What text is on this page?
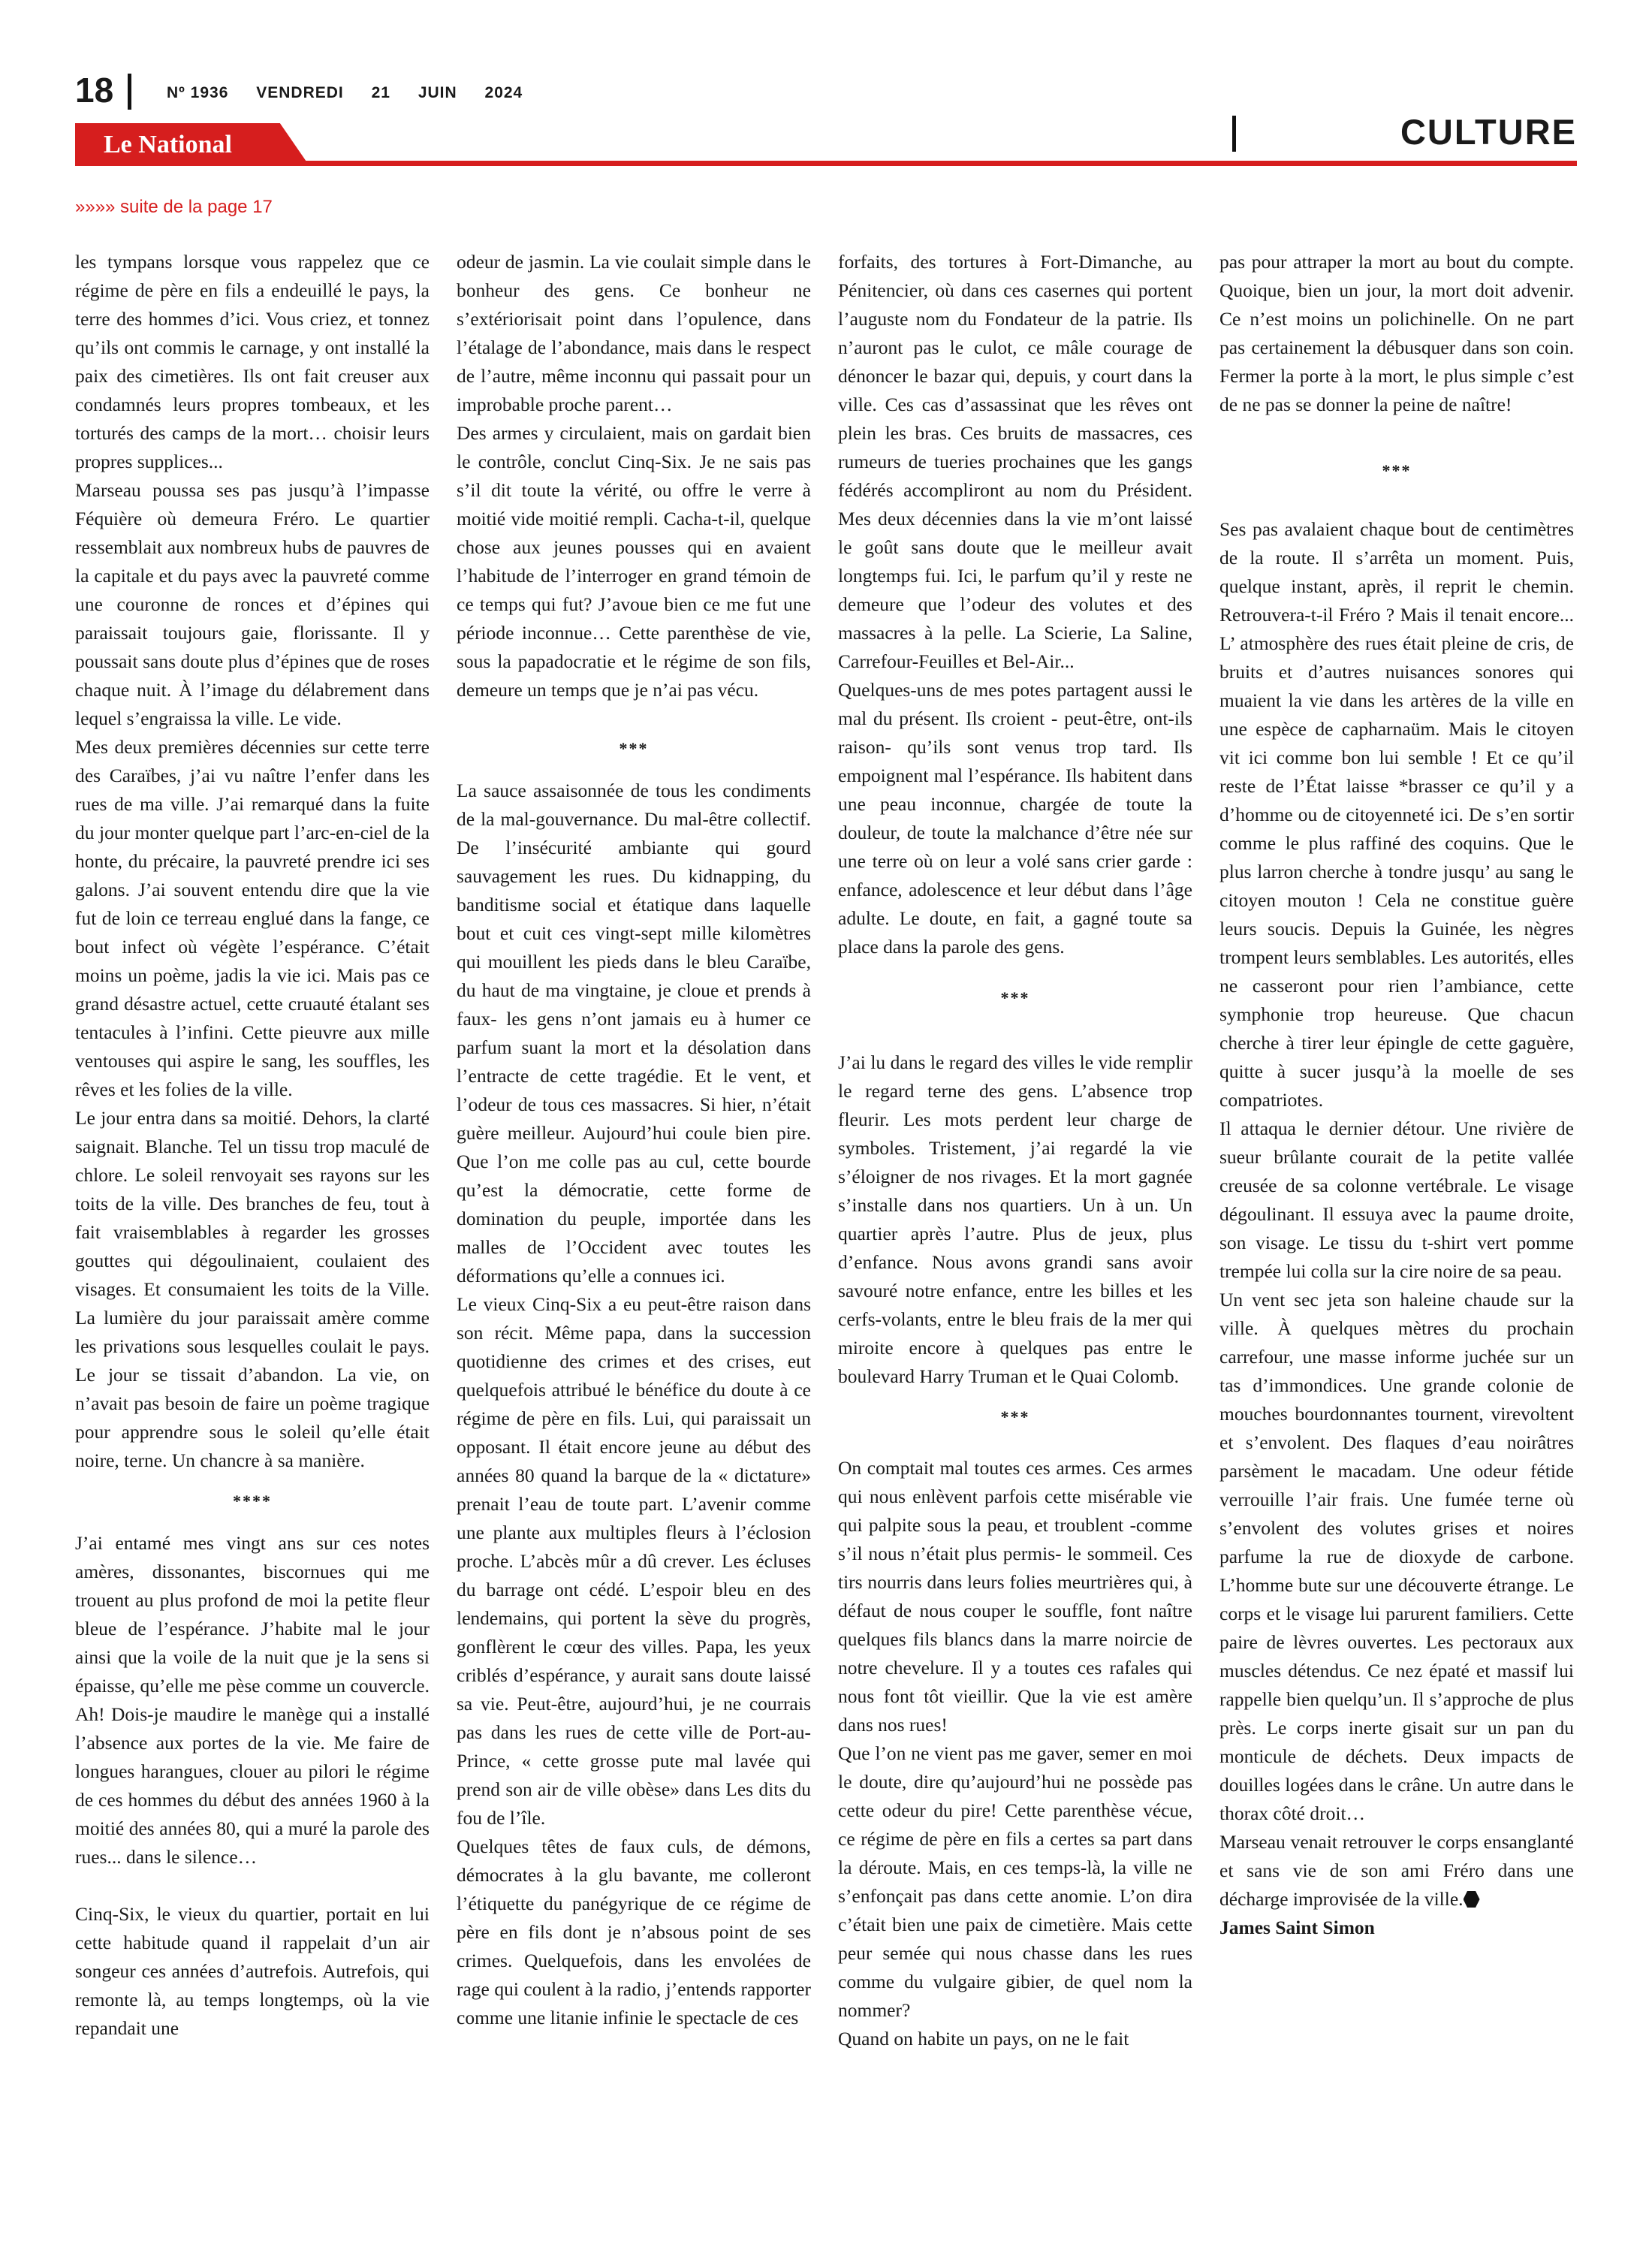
18	Nº 1936 VENDREDI 21 JUIN 2024
CULTURE
Le National
»»»» suite de la page 17

les tympans lorsque vous rappelez que ce régime de père en fils a endeuillé le pays, la terre des hommes d’ici. Vous criez, et tonnez qu’ils ont commis le carnage, y ont installé la paix des cimetières. Ils ont fait creuser aux condamnés leurs propres tombeaux, et les torturés des camps de la mort… choisir leurs propres supplices...

Marseau poussa ses pas jusqu’à l’impasse Féquière où demeura Fréro. Le quartier ressemblait aux nombreux hubs de pauvres de la capitale et du pays avec la pauvreté comme une couronne de ronces et d’épines qui paraissait toujours gaie, florissante. Il y poussait sans doute plus d’épines que de roses chaque nuit. À l’image du délabrement dans lequel s’engraissa la ville. Le vide.

Mes deux premières décennies sur cette terre des Caraïbes, j’ai vu naître l’enfer dans les rues de ma ville. J’ai remarqué dans la fuite du jour monter quelque part l’arc-en-ciel de la honte, du précaire, la pauvreté prendre ici ses galons. J’ai souvent entendu dire que la vie fut de loin ce terreau englué dans la fange, ce bout infect où végète l’espérance. C’était moins un poème, jadis la vie ici. Mais pas ce grand désastre actuel, cette cruauté étalant ses tentacules à l’infini. Cette pieuvre aux mille ventouses qui aspire le sang, les souffles, les rêves et les folies de la ville.

Le jour entra dans sa moitié. Dehors, la clarté saignait. Blanche. Tel un tissu trop maculé de chlore. Le soleil renvoyait ses rayons sur les toits de la ville. Des branches de feu, tout à fait vraisemblables à regarder les grosses gouttes qui dégoulinaient, coulaient des visages. Et consumaient les toits de la Ville. La lumière du jour paraissait amère comme les privations sous lesquelles coulait le pays. Le jour se tissait d’abandon. La vie, on n’avait pas besoin de faire un poème tragique pour apprendre sous le soleil qu’elle était noire, terne. Un chancre à sa manière.

****

J’ai entamé mes vingt ans sur ces notes amères, dissonantes, biscornues qui me trouent au plus profond de moi la petite fleur bleue de l’espérance. J’habite mal le jour ainsi que la voile de la nuit que je la sens si épaisse, qu’elle me pèse comme un couvercle. Ah! Dois-je maudire le manège qui a installé l’absence aux portes de la vie. Me faire de longues harangues, clouer au pilori le régime de ces hommes du début des années 1960 à la moitié des années 80, qui a muré la parole des rues... dans le silence…

Cinq-Six, le vieux du quartier, portait en lui cette habitude quand il rappelait d’un air songeur ces années d’autrefois. Autrefois, qui remonte là, au temps longtemps, où la vie repandait une

odeur de jasmin. La vie coulait simple dans le bonheur des gens. Ce bonheur ne s’extériorisait point dans l’opulence, dans l’étalage de l’abondance, mais dans le respect de l’autre, même inconnu qui passait pour un improbable proche parent…

Des armes y circulaient, mais on gardait bien le contrôle, conclut Cinq-Six. Je ne sais pas s’il dit toute la vérité, ou offre le verre à moitié vide moitié rempli. Cacha-t-il, quelque chose aux jeunes pousses qui en avaient l’habitude de l’interroger en grand témoin de ce temps qui fut? J’avoue bien ce me fut une période inconnue… Cette parenthèse de vie, sous la papadocratie et le régime de son fils, demeure un temps que je n’ai pas vécu.

***

La sauce assaisonnée de tous les condiments de la mal-gouvernance. Du mal-être collectif. De l’insécurité ambiante qui gourd sauvagement les rues. Du kidnapping, du banditisme social et étatique dans laquelle bout et cuit ces vingt-sept mille kilomètres qui mouillent les pieds dans le bleu Caraïbe, du haut de ma vingtaine, je cloue et prends à faux- les gens n’ont jamais eu à humer ce parfum suant la mort et la désolation dans l’entracte de cette tragédie. Et le vent, et l’odeur de tous ces massacres. Si hier, n’était guère meilleur. Aujourd’hui coule bien pire. Que l’on me colle pas au cul, cette bourde qu’est la démocratie, cette forme de domination du peuple, importée dans les malles de l’Occident avec toutes les déformations qu’elle a connues ici.

Le vieux Cinq-Six a eu peut-être raison dans son récit. Même papa, dans la succession quotidienne des crimes et des crises, eut quelquefois attribué le bénéfice du doute à ce régime de père en fils. Lui, qui paraissait un opposant. Il était encore jeune au début des années 80 quand la barque de la « dictature» prenait l’eau de toute part. L’avenir comme une plante aux multiples fleurs à l’éclosion proche. L’abcès mûr a dû crever. Les écluses du barrage ont cédé. L’espoir bleu en des lendemains, qui portent la sève du progrès, gonflèrent le cœur des villes. Papa, les yeux criblés d’espérance, y aurait sans doute laissé sa vie. Peut-être, aujourd’hui, je ne courrais pas dans les rues de cette ville de Port-au-Prince, « cette grosse pute mal lavée qui prend son air de ville obèse» dans Les dits du fou de l’île.

Quelques têtes de faux culs, de démons, démocrates à la glu bavante, me colleront l’étiquette du panégyrique de ce régime de père en fils dont je n’absous point de ses crimes. Quelquefois, dans les envolées de rage qui coulent à la radio, j’entends rapporter comme une litanie infinie le spectacle de ces

forfaits, des tortures à Fort-Dimanche, au Pénitencier, où dans ces casernes qui portent l’auguste nom du Fondateur de la patrie. Ils n’auront pas le culot, ce mâle courage de dénoncer le bazar qui, depuis, y court dans la ville. Ces cas d’assassinat que les rêves ont plein les bras. Ces bruits de massacres, ces rumeurs de tueries prochaines que les gangs fédérés accompliront au nom du Président. Mes deux décennies dans la vie m’ont laissé le goût sans doute que le meilleur avait longtemps fui. Ici, le parfum qu’il y reste ne demeure que l’odeur des volutes et des massacres à la pelle. La Scierie, La Saline, Carrefour-Feuilles et Bel-Air...

Quelques-uns de mes potes partagent aussi le mal du présent. Ils croient - peut-être, ont-ils raison- qu’ils sont venus trop tard. Ils empoignent mal l’espérance. Ils habitent dans une peau inconnue, chargée de toute la douleur, de toute la malchance d’être née sur une terre où on leur a volé sans crier garde : enfance, adolescence et leur début dans l’âge adulte. Le doute, en fait, a gagné toute sa place dans la parole des gens.

***

J’ai lu dans le regard des villes le vide remplir le regard terne des gens. L’absence trop fleurir. Les mots perdent leur charge de symboles. Tristement, j’ai regardé la vie s’éloigner de nos rivages. Et la mort gagnée s’installe dans nos quartiers. Un à un. Un quartier après l’autre. Plus de jeux, plus d’enfance. Nous avons grandi sans avoir savouré notre enfance, entre les billes et les cerfs-volants, entre le bleu frais de la mer qui miroite encore à quelques pas entre le boulevard Harry Truman et le Quai Colomb.

***

On comptait mal toutes ces armes. Ces armes qui nous enlèvent parfois cette misérable vie qui palpite sous la peau, et troublent -comme s’il nous n’était plus permis- le sommeil. Ces tirs nourris dans leurs folies meurtrières qui, à défaut de nous couper le souffle, font naître quelques fils blancs dans la marre noircie de notre chevelure. Il y a toutes ces rafales qui nous font tôt vieillir. Que la vie est amère dans nos rues!

Que l’on ne vient pas me gaver, semer en moi le doute, dire qu’aujourd’hui ne possède pas cette odeur du pire! Cette parenthèse vécue, ce régime de père en fils a certes sa part dans la déroute. Mais, en ces temps-là, la ville ne s’enfonçait pas dans cette anomie. L’on dira c’était bien une paix de cimetière. Mais cette peur semée qui nous chasse dans les rues comme du vulgaire gibier, de quel nom la nommer?

Quand on habite un pays, on ne le fait

pas pour attraper la mort au bout du compte. Quoique, bien un jour, la mort doit advenir. Ce n’est moins un polichinelle. On ne part pas certainement la débusquer dans son coin. Fermer la porte à la mort, le plus simple c’est de ne pas se donner la peine de naître!

***

Ses pas avalaient chaque bout de centimètres de la route. Il s’arrêta un moment. Puis, quelque instant, après, il reprit le chemin. Retrouvera-t-il Fréro ? Mais il tenait encore... L’ atmosphère des rues était pleine de cris, de bruits et d’autres nuisances sonores qui muaient la vie dans les artères de la ville en une espèce de capharnaüm. Mais le citoyen vit ici comme bon lui semble ! Et ce qu’il reste de l’État laisse *brasser ce qu’il y a d’homme ou de citoyenneté ici. De s’en sortir comme le plus raffiné des coquins. Que le plus larron cherche à tondre jusqu’ au sang le citoyen mouton ! Cela ne constitue guère leurs soucis. Depuis la Guinée, les nègres trompent leurs semblables. Les autorités, elles ne casseront pour rien l’ambiance, cette symphonie trop heureuse. Que chacun cherche à tirer leur épingle de cette gaguère, quitte à sucer jusqu’à la moelle de ses compatriotes.

Il attaqua le dernier détour. Une rivière de sueur brûlante courait de la petite vallée creusée de sa colonne vertébrale. Le visage dégoulinant. Il essuya avec la paume droite, son visage. Le tissu du t-shirt vert pomme trempée lui colla sur la cire noire de sa peau.

Un vent sec jeta son haleine chaude sur la ville. À quelques mètres du prochain carrefour, une masse informe juchée sur un tas d’immondices. Une grande colonie de mouches bourdonnantes tournent, virevoltent et s’envolent. Des flaques d’eau noirâtres parsèment le macadam. Une odeur fétide verrouille l’air frais. Une fumée terne où s’envolent des volutes grises et noires parfume la rue de dioxyde de carbone. L’homme bute sur une découverte étrange. Le corps et le visage lui parurent familiers. Cette paire de lèvres ouvertes. Les pectoraux aux muscles détendus. Ce nez épaté et massif lui rappelle bien quelqu’un. Il s’approche de plus près. Le corps inerte gisait sur un pan du monticule de déchets. Deux impacts de douilles logées dans le crâne. Un autre dans le thorax côté droit…

Marseau venait retrouver le corps ensanglanté et sans vie de son ami Fréro dans une décharge improvisée de la ville.

James Saint Simon
